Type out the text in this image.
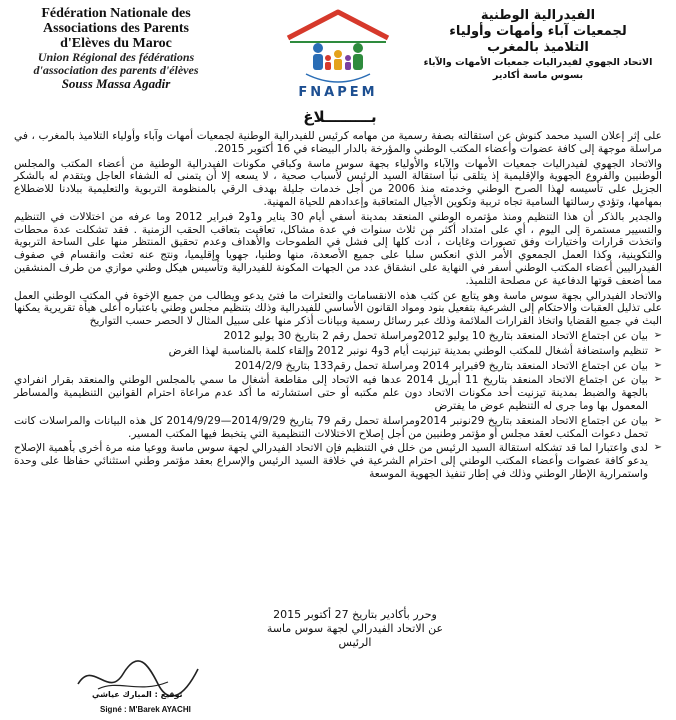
Fédération Nationale des
Associations des Parents
d'Elèves du Maroc
Union Régional des fédérations
d'association des parents d'élèves
Souss Massa Agadir
FNAPEM
الفيدرالية الوطنية
لجمعيات آباء وأمهات وأولياء
التلاميذ بالمغرب
الاتحاد الجهوي لفيدراليات جمعيات الأمهات والآباء
بسوس ماسة أكادير
بـــــــــلاغ

على إثر إعلان السيد محمد كنوش عن استقالته بصفة رسمية من مهامه كرئيس للفيدرالية الوطنية لجمعيات أمهات وآباء وأولياء التلاميذ بالمغرب ، في مراسلة موجهة إلى كافة عضوات وأعضاء المكتب الوطني والمؤرخة بالدار البيضاء في 16 أكتوبر 2015.

والاتحاد الجهوي لفيدراليات جمعيات الأمهات والآباء والأولياء بجهة سوس ماسة وكباقي مكونات الفيدرالية الوطنية من أعضاء المكتب والمجلس الوطنيين والفروع الجهوية والإقليمية إذ يتلقى نبأ استقالة السيد الرئيس لأسباب صحية ، لا يسعه إلا أن يتمنى له الشفاء العاجل ويتقدم له بالشكر الجزيل على تأسيسه لهذا الصرح الوطني وخدمته منذ 2006 من أجل خدمات جليلة بهدف الرقي بالمنظومة التربوية والتعليمية ببلادنا للاضطلاع بمهامها، وتؤدي رسالتها السامية تجاه تربية وتكوين الأجيال المتعاقبة وإعدادهم للحياة المهنية.

والجدير بالذكر أن هذا التنظيم ومنذ مؤتمره الوطني المنعقد بمدينة أسفي أيام 30 يناير و1و2 فبراير 2012 وما عرفه من اختلالات في التنظيم والتسيير مستمرة إلى اليوم ، أي على امتداد أكثر من ثلاث سنوات في عدة مشاكل، تعاقبت بتعاقب الحقب الزمنية . فقد تشكلت عدة محطات واتخذت قرارات واختيارات وفق تصورات وغايات ، أدت كلها إلى فشل في الطموحات والأهداف وعدم تحقيق المنتظر منها على الساحة التربوية والتكوينية، وكذا العمل الجمعوي الأمر الذي انعكس سلبا على جميع الأصعدة، منها وطنيا، جهويا وإقليميا، ونتج عنه تعثت وانقسام في صفوف الفيدراليين أعضاء المكتب الوطني أسفر في النهاية على انشقاق عدد من الجهات المكونة للفيدرالية وتأسيس هيكل وطني موازي من طرف المنشقين مما أضعف قوتها الدفاعية عن مصلحة التلميذ.

والاتحاد الفيدرالي بجهة سوس ماسة وهو يتابع عن كثب هذه الانقسامات والتعثرات ما فتئ يدعو ويطالب من جميع الإخوة في المكتب الوطني العمل على تذليل العقبات والاحتكام إلى الشرعية بتفعيل بنود ومواد القانون الأساسي للفيدرالية وذلك بتنظيم مجلس وطني باعتباره أعلى هيأة تقريرية يمكنها البث في جميع القضايا واتخاذ القرارات الملائمة وذلك عبر رسائل رسمية وبيانات أذكر منها على سبيل المثال لا الحصر حسب التواريخ

➢ بيان عن اجتماع الاتحاد المنعقد بتاريخ 10 يوليو 2012ومراسلة تحمل رقم 2 بتاريخ 30 يوليو 2012
➢ تنظيم واستضافة أشغال للمكتب الوطني بمدينة تيزنيت أيام 3و4 نونبر 2012 وإلقاء كلمة بالمناسبة لهذا الغرض
➢ بيان عن اجتماع الاتحاد المنعقد بتاريخ 9فبراير 2014 ومراسلة تحمل رقم133 بتاريخ 2014/2/9
➢ بيان عن اجتماع الاتحاد المنعقد بتاريخ 11 أبريل 2014 عدها فيه الاتحاد إلى مقاطعة أشغال ما سمي بالمجلس الوطني والمنعقد بقرار انفرادي بالجهة والضبط بمدينة تيزنيت أحد مكونات الاتحاد دون علم مكتبه أو حتى استشارته ما أكد عدم مراعاة احترام القوانين التنظيمية والمساطر المعمول بها وما جرى له التنظيم عوض ما يفترض
➢ بيان عن اجتماع الاتحاد المنعقد بتاريخ 29نونبر 2014ومراسلة تحمل رقم 79 بتاريخ 2014/9/29—2014/9/29 كل هذه البيانات والمراسلات كانت تحمل دعوات المكتب لعقد مجلس أو مؤتمر وطنيين من أجل إصلاح الاختلالات التنظيمية التي يتخبط فيها المكتب المسير.
➢ لدى واعتبارا لما قد تشكله استقالة السيد الرئيس من خلل في التنظيم فإن الاتحاد الفيدرالي لجهة سوس ماسة ووعيا منه مرة أخرى بأهمية الإصلاح يدعو كافة عضوات وأعضاء المكتب الوطني إلى احترام الشرعية في خلافة السيد الرئيس والإسراع بعقد مؤتمر وطني استثنائي حفاظا على وحدة واستمرارية الإطار الوطني وذلك في إطار تنفيذ الجهوية الموسعة
وحرر بأكادير بتاريخ 27 أكتوبر 2015
عن الاتحاد الفيدرالي لجهة سوس ماسة
الرئيس
توقيع : المبارك عياشي
Signé : M'Barek AYACHI
